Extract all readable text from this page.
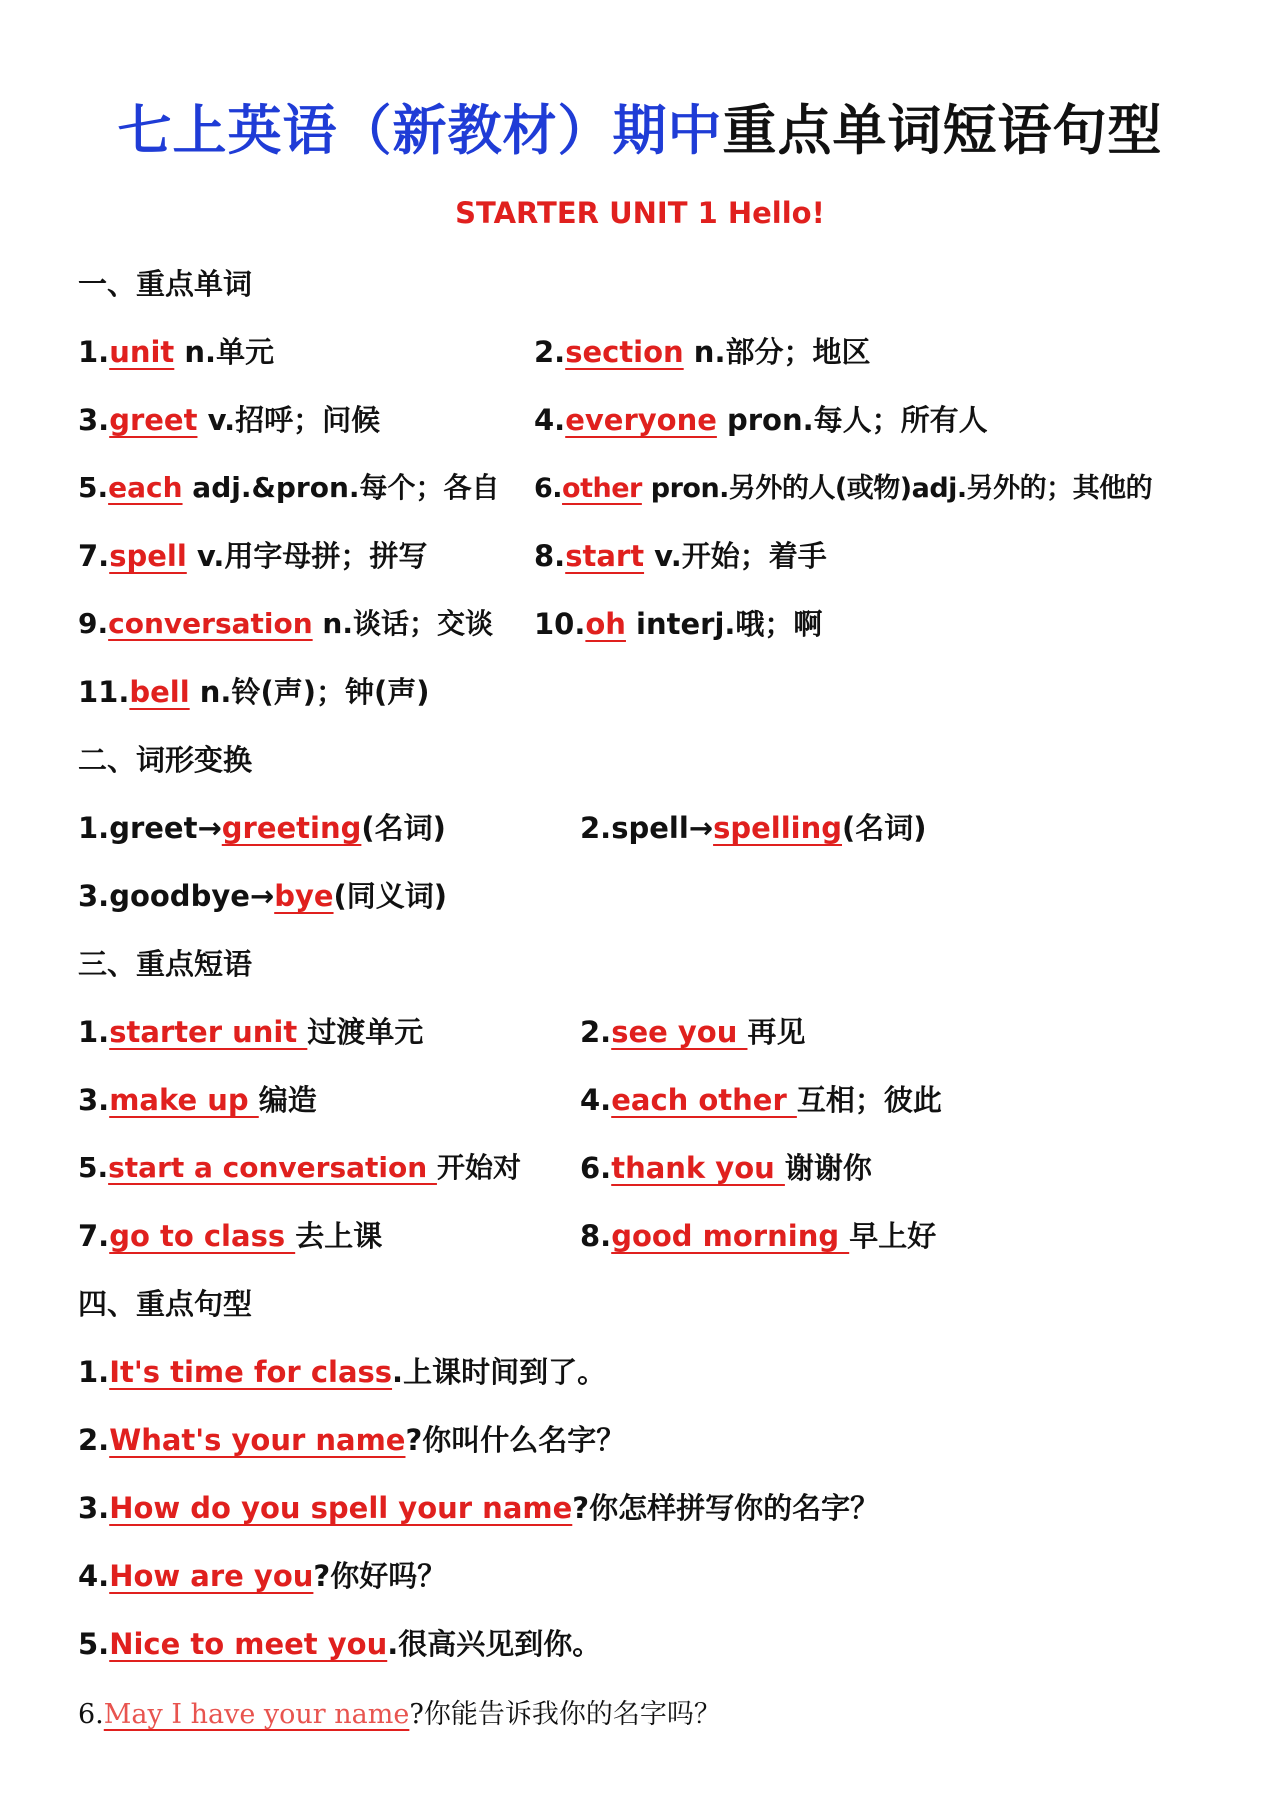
七上英语（新教材）期中重点单词短语句型
STARTER UNIT 1 Hello!
一、重点单词
1.unit n.单元	2.section n.部分；地区
3.greet v.招呼；问候	4.everyone pron.每人；所有人
5.each adj.&pron.每个；各自 6.other pron.另外的人(或物)adj.另外的；其他的
7.spell v.用字母拼；拼写	8.start v.开始；着手
9.conversation n.谈话；交谈 10.oh interj.哦；啊
11.bell n.铃(声)；钟(声)
二、词形变换
1.greet→greeting(名词)	2.spell→spelling(名词)
3.goodbye→bye(同义词)
三、重点短语
1.starter unit 过渡单元	2.see you 再见
3.make up 编造	4.each other 互相；彼此
5.start a conversation 开始对 6.thank you 谢谢你
7.go to class 去上课	8.good morning 早上好
四、重点句型
1.It's time for class.上课时间到了。
2.What's your name?你叫什么名字？
3.How do you spell your name?你怎样拼写你的名字？
4.How are you?你好吗？
5.Nice to meet you.很高兴见到你。
6.May I have your name?你能告诉我你的名字吗？
